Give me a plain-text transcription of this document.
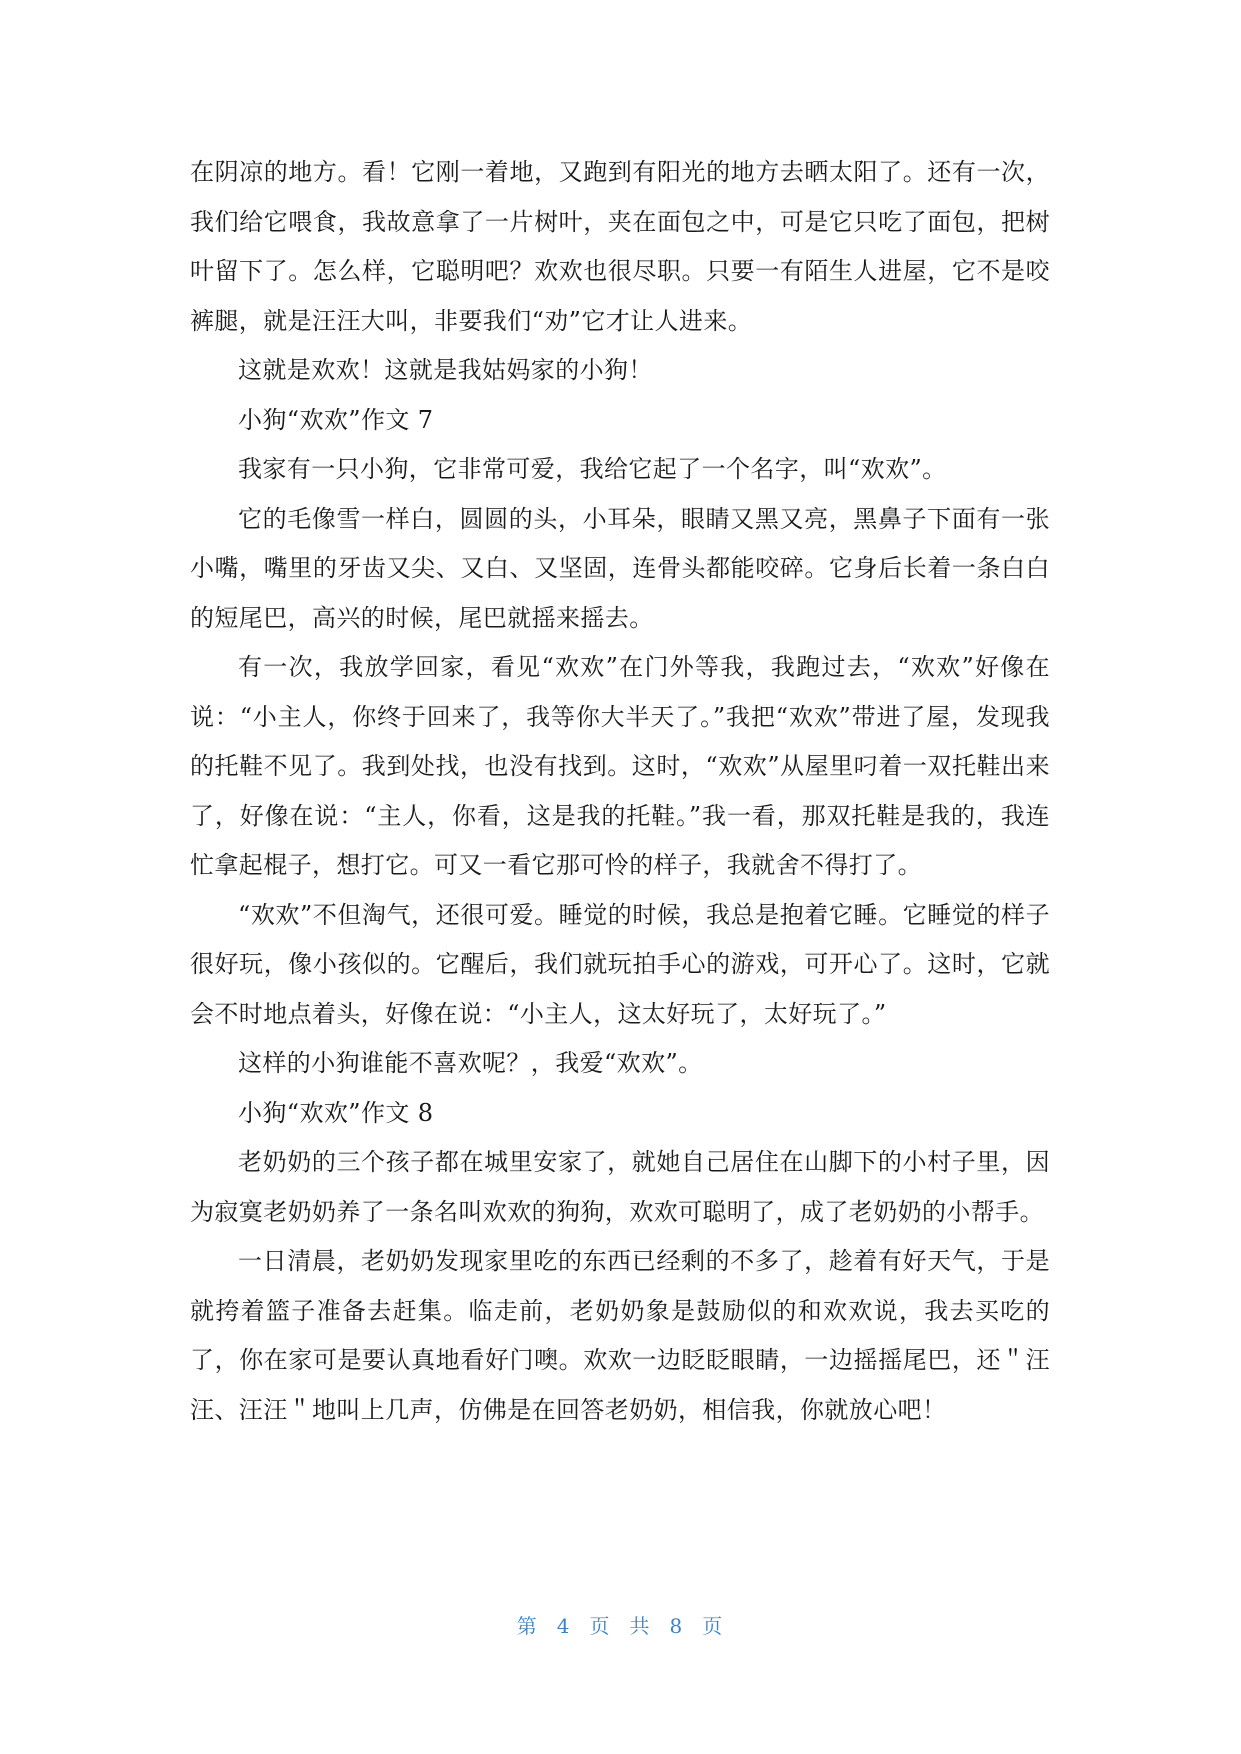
在阴凉的地方。看！它刚一着地，又跑到有阳光的地方去晒太阳了。还有一次，我们给它喂食，我故意拿了一片树叶，夹在面包之中，可是它只吃了面包，把树叶留下了。怎么样，它聪明吧？欢欢也很尽职。只要一有陌生人进屋，它不是咬裤腿，就是汪汪大叫，非要我们“劝”它才让人进来。

这就是欢欢！这就是我姑妈家的小狗！

小狗“欢欢”作文 7

我家有一只小狗，它非常可爱，我给它起了一个名字，叫“欢欢”。

它的毛像雪一样白，圆圆的头，小耳朵，眼睛又黑又亮，黑鼻子下面有一张小嘴，嘴里的牙齿又尖、又白、又坚固，连骨头都能咬碎。它身后长着一条白白的短尾巴，高兴的时候，尾巴就摇来摇去。

有一次，我放学回家，看见“欢欢”在门外等我，我跑过去，“欢欢”好像在说：“小主人，你终于回来了，我等你大半天了。”我把“欢欢”带进了屋，发现我的托鞋不见了。我到处找，也没有找到。这时，“欢欢”从屋里叼着一双托鞋出来了，好像在说：“主人，你看，这是我的托鞋。”我一看，那双托鞋是我的，我连忙拿起棍子，想打它。可又一看它那可怜的样子，我就舍不得打了。

“欢欢”不但淘气，还很可爱。睡觉的时候，我总是抱着它睡。它睡觉的样子很好玩，像小孩似的。它醒后，我们就玩拍手心的游戏，可开心了。这时，它就会不时地点着头，好像在说：“小主人，这太好玩了，太好玩了。”

这样的小狗谁能不喜欢呢？，我爱“欢欢”。

小狗“欢欢”作文 8

老奶奶的三个孩子都在城里安家了，就她自己居住在山脚下的小村子里，因为寂寞老奶奶养了一条名叫欢欢的狗狗，欢欢可聪明了，成了老奶奶的小帮手。

一日清晨，老奶奶发现家里吃的东西已经剩的不多了，趁着有好天气，于是就挎着篮子准备去赶集。临走前，老奶奶象是鼓励似的和欢欢说，我去买吃的了，你在家可是要认真地看好门噢。欢欢一边眨眨眼睛，一边摇摇尾巴，还＂汪汪、汪汪＂地叫上几声，仿佛是在回答老奶奶，相信我，你就放心吧！

第 4 页 共 8 页
